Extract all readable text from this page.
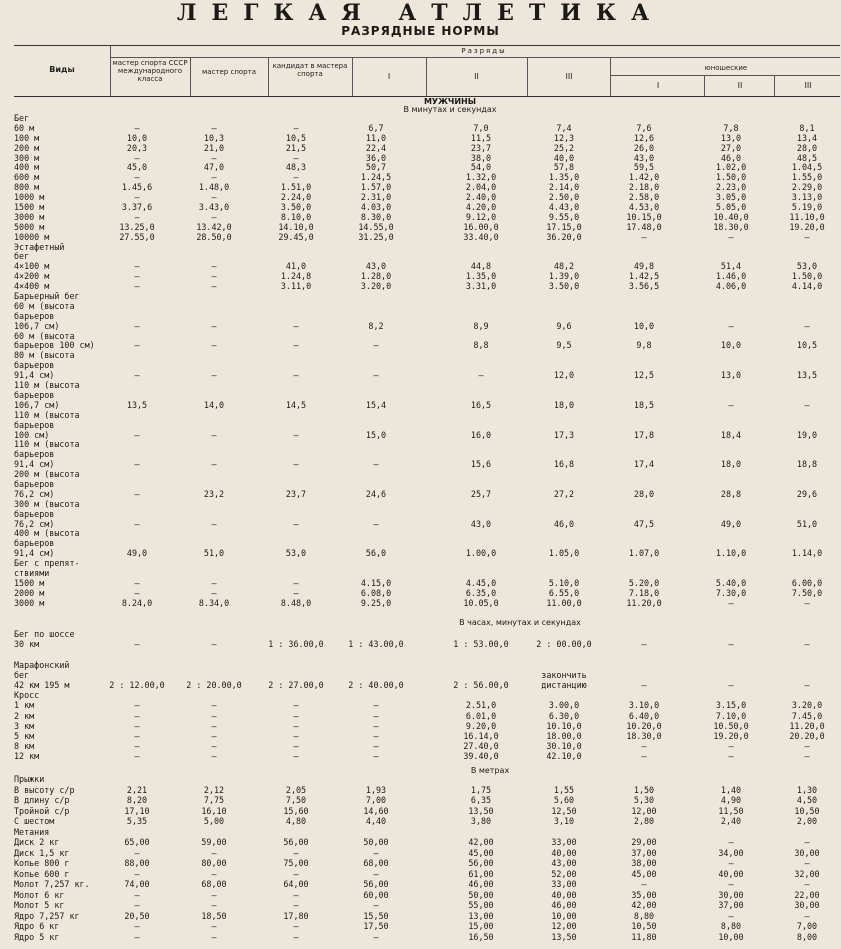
ЛЕГКАЯ АТЛЕТИКА
РАЗРЯДНЫЕ НОРМЫ
Виды
Разряды
мастер спорта СССР международного класса
мастер спорта
кандидат в мастера спорта	I	II	III
юношеские
I	II	III
МУЖЧИНЫ
В минутах и секундах
Бег
60 м	—	—	—	6,7	7,0	7,4	7,6	7,8	8,1
100 м	10,0	10,3	10,5	11,0	11,5	12,3	12,6	13,0	13,4
200 м	20,3	21,0	21,5	22,4	23,7	25,2	26,0	27,0	28,0
300 м	—	—	—	36,0	38,0	40,0	43,0	46,0	48,5
400 м	45,0	47,0	48,3	50,7	54,0	57,8	59,5	1.02,0	1.04,5
600 м	—	—	—	1.24,5	1.32,0	1.35,0	1.42,0	1.50,0	1.55,0
800 м	1.45,6	1.48,0	1.51,0	1.57,0	2.04,0	2.14,0	2.18,0	2.23,0	2.29,0
1000 м	—	—	2.24,0	2.31,0	2.40,0	2.50,0	2.58,0	3.05,0	3.13,0
1500 м	3.37,6	3.43,0	3.50,0	4.03,0	4.20,0	4.43,0	4.53,0	5.05,0	5.19,0
3000 м	—	—	8.10,0	8.30,0	9.12,0	9.55,0	10.15,0	10.40,0	11.10,0
5000 м	13.25,0	13.42,0	14.10,0	14.55,0	16.00,0	17.15,0	17.48,0	18.30,0	19.20,0
10000 м	27.55,0	28.50,0	29.45,0	31.25,0	33.40,0	36.20,0	—	—	—
Эстафетный
бег
4×100 м	—	—	41,0	43,0	44,8	48,2	49,8	51,4	53,0
4×200 м	—	—	1.24,8	1.28,0	1.35,0	1.39,0	1.42,5	1.46,0	1.50,0
4×400 м	—	—	3.11,0	3.20,0	3.31,0	3.50,0	3.56,5	4.06,0	4.14,0
Барьерный бег
60 м (высота
барьеров
106,7 см)	—	—	—	8,2	8,9	9,6	10,0	—	—
60 м (высота
барьеров 100 см)	—	—	—	—	8,8	9,5	9,8	10,0	10,5
80 м (высота
барьеров
91,4 см)	—	—	—	—	—	12,0	12,5	13,0	13,5
110 м (высота
барьеров
106,7 см)	13,5	14,0	14,5	15,4	16,5	18,0	18,5	—	—
110 м (высота
барьеров
100 см)	—	—	—	15,0	16,0	17,3	17,8	18,4	19,0
110 м (высота
барьеров
91,4 см)	—	—	—	—	15,6	16,8	17,4	18,0	18,8
200 м (высота
барьеров
76,2 см)	—	23,2	23,7	24,6	25,7	27,2	28,0	28,8	29,6
300 м (высота
барьеров
76,2 см)	—	—	—	—	43,0	46,0	47,5	49,0	51,0
400 м (высота
барьеров
91,4 см)	49,0	51,0	53,0	56,0	1.00,0	1.05,0	1.07,0	1.10,0	1.14,0
Бег с препят-
ствиями
1500 м	—	—	—	4.15,0	4.45,0	5.10,0	5.20,0	5.40,0	6.00,0
2000 м	—	—	—	6.08,0	6.35,0	6.55,0	7.18,0	7.30,0	7.50,0
3000 м	8.24,0	8.34,0	8.48,0	9.25,0	10.05,0	11.00,0	11.20,0	—	—
В часах, минутах и секундах
Бег по шоссе
30 км	—	—	1 : 36.00,0	1 : 43.00,0	1 : 53.00,0	2 : 00.00,0	—	—	—
Марафонский
бег	закончить
42 км 195 м	2 : 12.00,0	2 : 20.00,0	2 : 27.00,0	2 : 40.00,0	2 : 56.00,0	дистанцию	—	—	—
Кросс
1 км	—	—	—	—	2.51,0	3.00,0	3.10,0	3.15,0	3.20,0
2 км	—	—	—	—	6.01,0	6.30,0	6.40,0	7.10,0	7.45,0
3 км	—	—	—	—	9.20,0	10.10,0	10.20,0	10.50,0	11.20,0
5 км	—	—	—	—	16.14,0	18.00,0	18.30,0	19.20,0	20.20,0
8 км	—	—	—	—	27.40,0	30.10,0	—	—	—
12 км	—	—	—	—	39.40,0	42.10,0	—	—	—
В метрах
Прыжки
В высоту с/р	2,21	2,12	2,05	1,93	1,75	1,55	1,50	1,40	1,30
В длину с/р	8,20	7,75	7,50	7,00	6,35	5,60	5,30	4,90	4,50
Тройной с/р	17,10	16,10	15,60	14,60	13,50	12,50	12,00	11,50	10,50
С шестом	5,35	5,00	4,80	4,40	3,80	3,10	2,80	2,40	2,00
Метания
Диск 2 кг	65,00	59,00	56,00	50,00	42,00	33,00	29,00	—	—
Диск 1,5 кг	—	—	—	—	45,00	40,00	37,00	34,00	30,00
Копье 800 г	88,00	80,00	75,00	68,00	56,00	43,00	38,00	—	—
Копье 600 г	—	—	—	—	61,00	52,00	45,00	40,00	32,00
Молот 7,257 кг.	74,00	68,00	64,00	56,00	46,00	33,00	—	—	—
Молот 6 кг	—	—	—	60,00	50,00	40,00	35,00	30,00	22,00
Молот 5 кг	—	—	—	—	55,00	46,00	42,00	37,00	30,00
Ядро 7,257 кг	20,50	18,50	17,80	15,50	13,00	10,00	8,80	—	—
Ядро 6 кг	—	—	—	17,50	15,00	12,00	10,50	8,80	7,00
Ядро 5 кг	—	—	—	—	16,50	13,50	11,80	10,00	8,00
